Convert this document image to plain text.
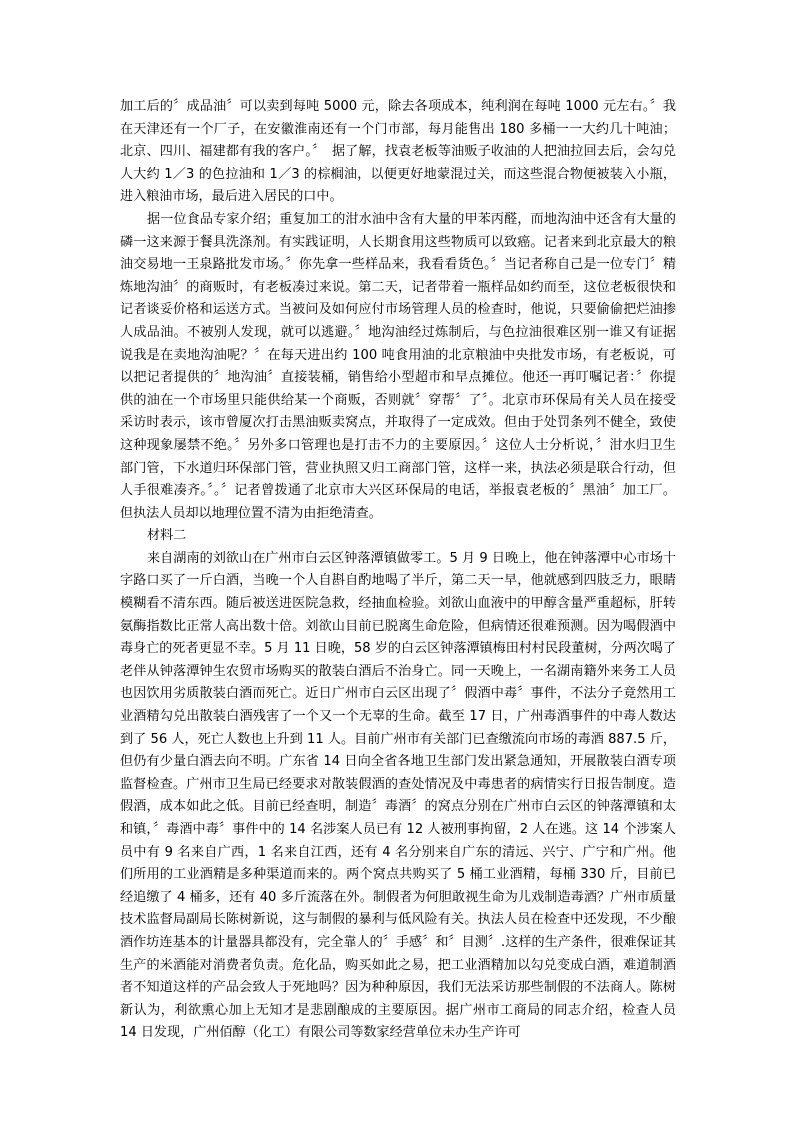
加工后的〞成品油〞可以卖到每吨 5000 元，除去各项成本，纯利润在每吨 1000 元左右。〞我在天津还有一个厂子，在安徽淮南还有一个门市部，每月能售出 180 多桶一一大约几十吨油；北京、四川、福建都有我的客户。〞　据了解，找袁老板等油贩子收油的人把油拉回去后，会勾兑人大约 1／3 的色拉油和 1／3 的棕榈油，以便更好地蒙混过关，而这些混合物便被装入小瓶，进入粮油市场，最后进入居民的口中。

据一位食品专家介绍；重复加工的泔水油中含有大量的甲苯丙醛，而地沟油中还含有大量的磷一这来源于餐具洗涤剂。有实践证明，人长期食用这些物质可以致癌。记者来到北京最大的粮油交易地一王泉路批发市场。〞你先拿一些样品来，我看看货色。〞当记者称自己是一位专门〞精炼地沟油〞的商贩时，有老板凑过来说。第二天，记者带着一瓶样品如约而至，这位老板很快和记者谈妥价格和运送方式。当被问及如何应付市场管理人员的检查时，他说，只要偷偷把烂油掺人成品油。不被别人发现，就可以逃避。〞地沟油经过炼制后，与色拉油很难区别一谁又有证据说我是在卖地沟油呢？〞在每天进出约 100 吨食用油的北京粮油中央批发市场，有老板说，可以把记者提供的〞地沟油〞直接装桶，销售给小型超市和早点摊位。他还一再叮嘱记者：〞你提供的油在一个市场里只能供给某一个商贩，否则就〞穿帮〞了〞。北京市环保局有关人员在接受采访时表示，该市曾厦次打击黑油贩卖窝点，并取得了一定成效。但由于处罚条列不健全，致使这种现象屡禁不绝。〞另外多口管理也是打击不力的主要原因。〞这位人士分析说，〞泔水归卫生部门管，下水道归环保部门管，营业执照又归工商部门管，这样一来，执法必须是联合行动，但人手很难凑齐。〞。〞记者曾拨通了北京市大兴区环保局的电话，举报袁老板的〞黑油〞加工厂。但执法人员却以地理位置不清为由拒绝清查。

材料二

来自湖南的刘欲山在广州市白云区钟落潭镇做零工。5 月 9 日晚上，他在钟落潭中心市场十字路口买了一斤白酒，当晚一个人自斟自酌地喝了半斤，第二天一早，他就感到四肢乏力，眼睛模糊看不清东西。随后被送进医院急救，经抽血检验。刘欲山血液中的甲醇含量严重超标，肝转氨酶指数比正常人高出数十倍。刘欲山目前已脱离生命危险，但病情还很难预测。因为喝假酒中毒身亡的死者更显不幸。5 月 11 日晚，58 岁的白云区钟落潭镇梅田村村民段董树，分两次喝了老伴从钟落潭钟生农贸市场购买的散装白酒后不治身亡。同一天晚上，一名湖南籍外来务工人员也因饮用劣质散装白酒而死亡。近日广州市白云区出现了〞假酒中毒〞事件，不法分子竟然用工业酒精勾兑出散装白酒残害了一个又一个无辜的生命。截至 17 日，广州毒酒事件的中毒人数达到了 56 人，死亡人数也上升到 11 人。目前广州市有关部门已查缴流向市场的毒酒 887.5 斤，但仍有少量白酒去向不明。广东省 14 日向全省各地卫生部门发出紧急通知，开展散装白酒专项监督检查。广州市卫生局已经要求对散装假酒的查处情况及中毒患者的病情实行日报告制度。造假酒，成本如此之低。目前已经查明，制造〞毒酒〞的窝点分别在广州市白云区的钟落潭镇和太和镇，〞毒酒中毒〞事件中的 14 名涉案人员已有 12 人被刑事拘留，2 人在逃。这 14 个涉案人员中有 9 名来自广西，1 名来自江西，还有 4 名分别来自广东的清远、兴宁、广宁和广州。他们所用的工业酒精是多种渠道而来的。两个窝点共购买了 5 桶工业酒精，每桶 330 斤，目前已经追缴了 4 桶多，还有 40 多斤流落在外。制假者为何胆敢视生命为儿戏制造毒酒？广州市质量技术监督局副局长陈树新说，这与制假的暴利与低风险有关。执法人员在检查中还发现，不少酿酒作坊连基本的计量器具都没有，完全靠人的〞手感〞和〞目测〞.这样的生产条件，很难保证其生产的米酒能对消费者负责。危化品，购买如此之易，把工业酒精加以勾兑变成白酒，难道制酒者不知道这样的产品会致人于死地吗？因为种种原因，我们无法采访那些制假的不法商人。陈树新认为，利欲熏心加上无知才是悲剧酿成的主要原因。据广州市工商局的同志介绍，检查人员 14 日发现，广州佰醇（化工）有限公司等数家经营单位未办生产许可
